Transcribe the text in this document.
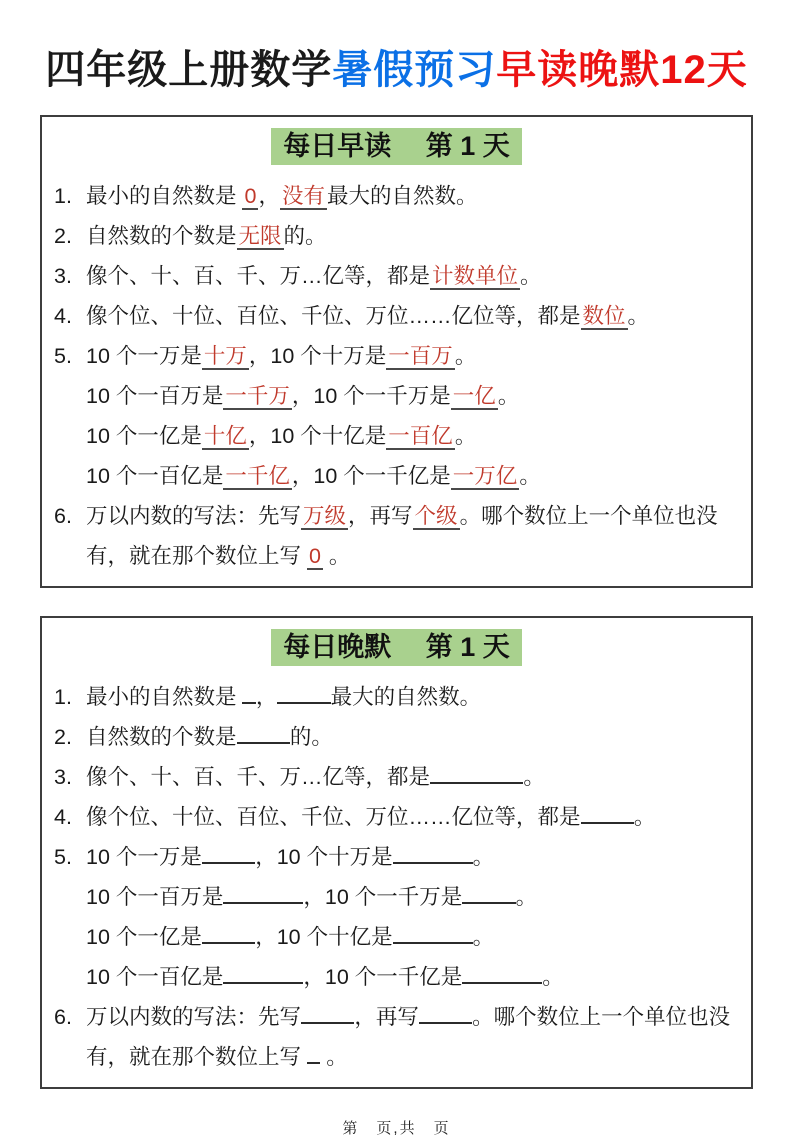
四年级上册数学暑假预习早读晚默12天
每日早读　 第 1 天
1. 最小的自然数是 0，没有最大的自然数。
2. 自然数的个数是无限的。
3. 像个、十、百、千、万…亿等，都是计数单位。
4. 像个位、十位、百位、千位、万位……亿位等，都是数位。
5. 10 个一万是十万，10 个十万是一百万。
10 个一百万是一千万，10 个一千万是一亿。
10 个一亿是十亿，10 个十亿是一百亿。
10 个一百亿是一千亿，10 个一千亿是一万亿。
6. 万以内数的写法：先写万级，再写个级。哪个数位上一个单位也没有，就在那个数位上写 0 。
每日晚默　 第 1 天
1. 最小的自然数是 ， 最大的自然数。
2. 自然数的个数是 的。
3. 像个、十、百、千、万…亿等，都是	。
4. 像个位、十位、百位、千位、万位……亿位等，都是 。
5. 10 个一万是 ，10 个十万是	。
10 个一百万是	，10 个一千万是 。
10 个一亿是 ，10 个十亿是	。
10 个一百亿是	，10 个一千亿是	。
6. 万以内数的写法：先写 ，再写 。哪个数位上一个单位也没有，就在那个数位上写  。
第　页,共　页
